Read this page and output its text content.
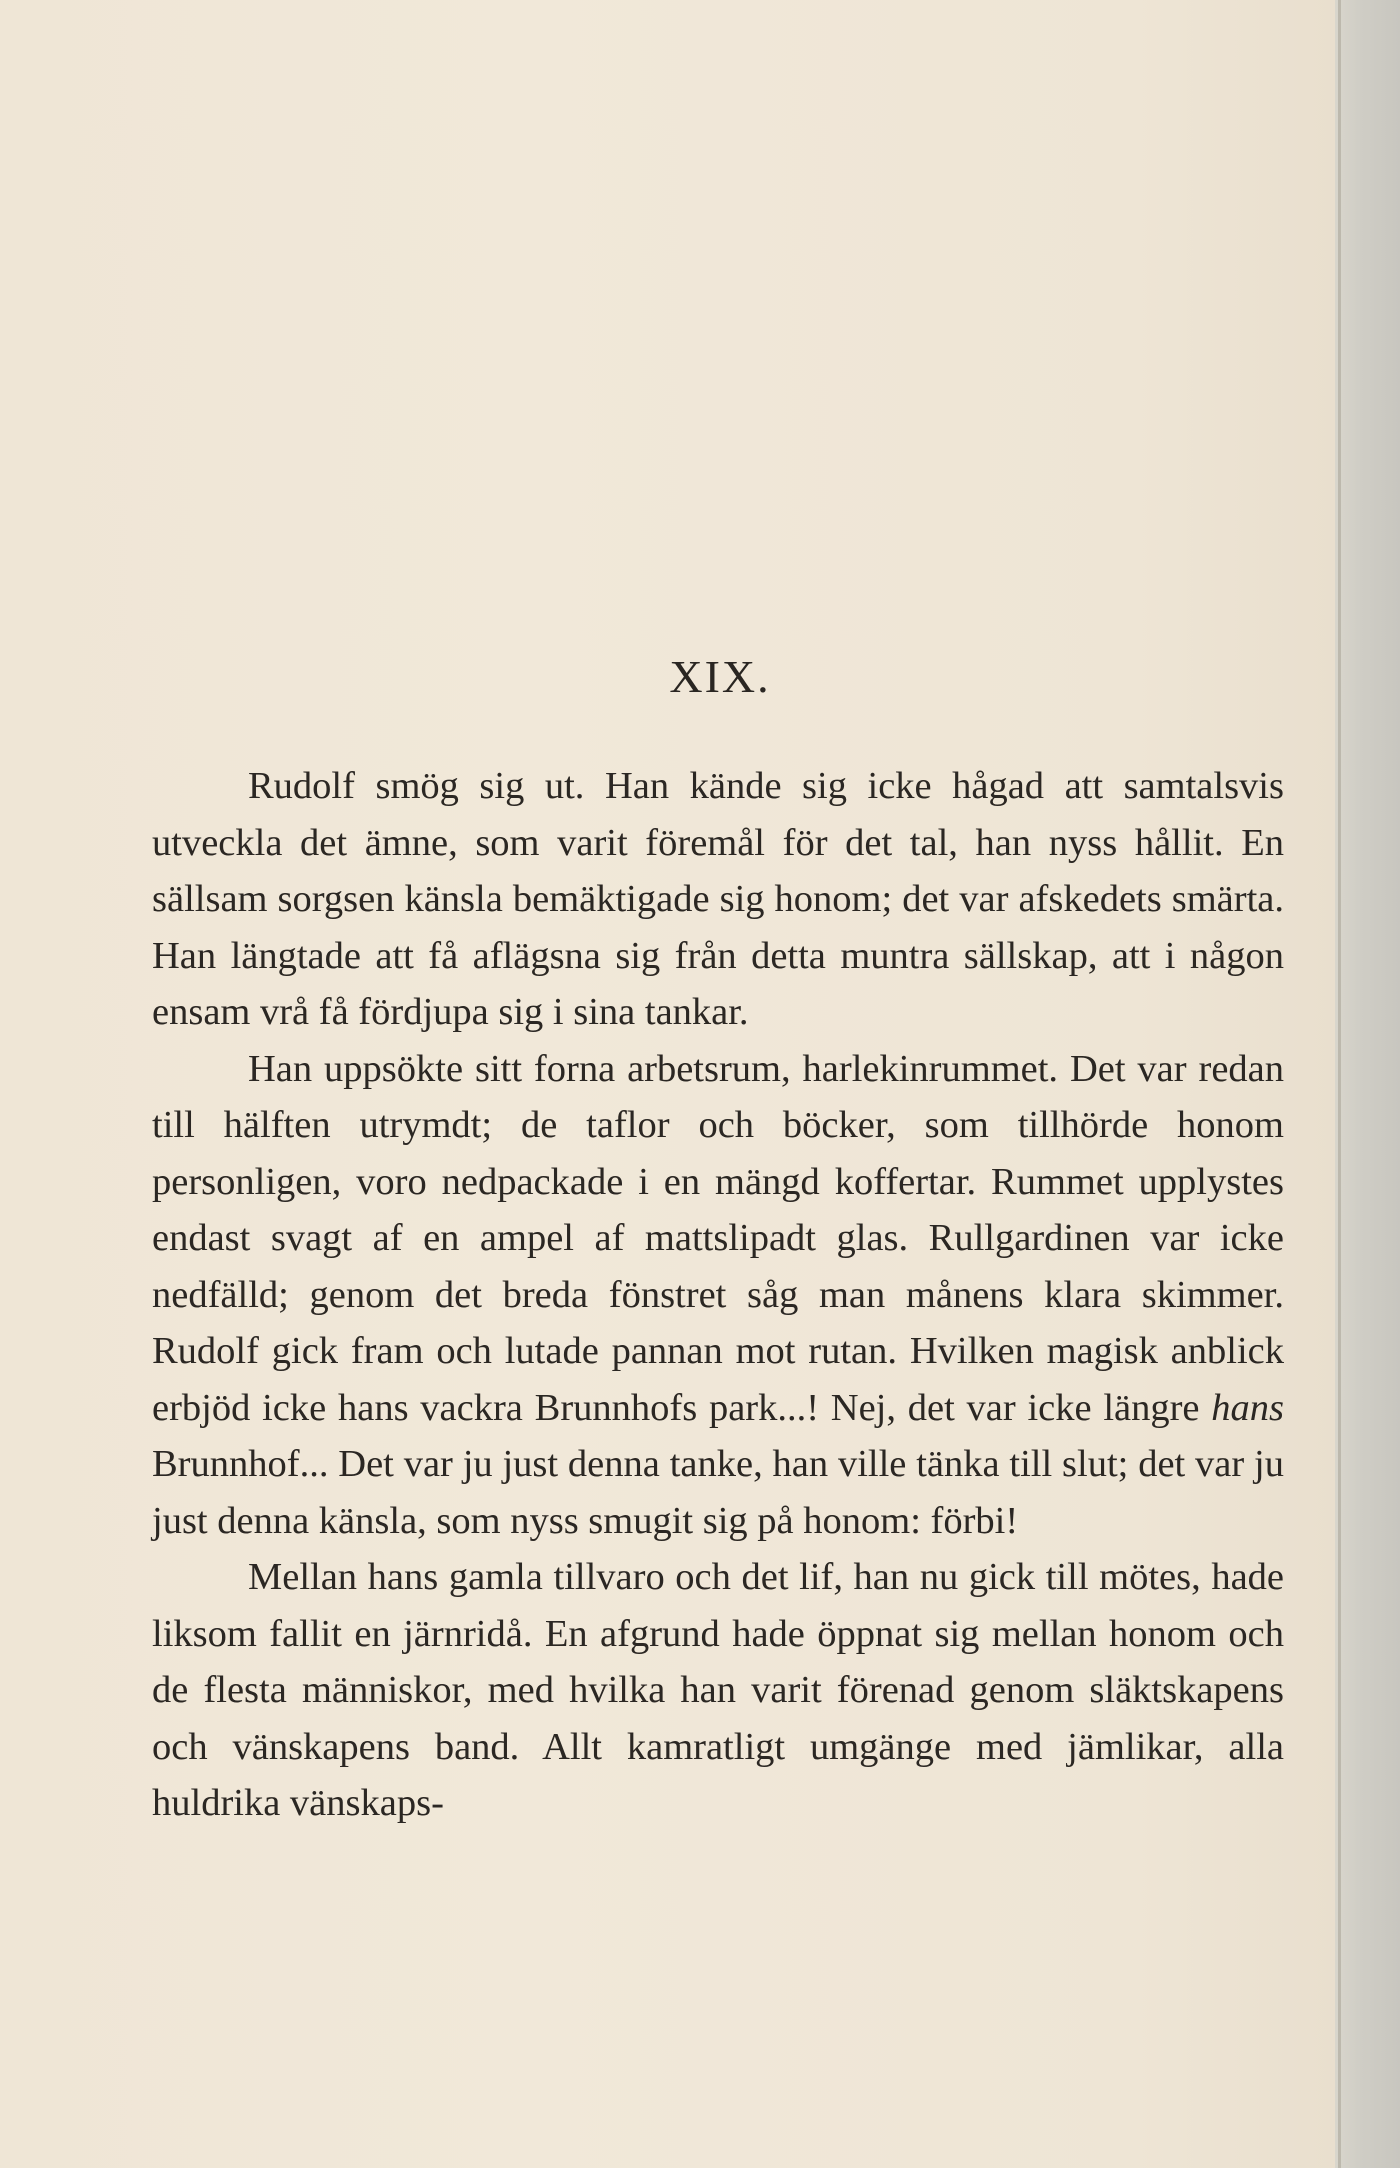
XIX.

Rudolf smög sig ut. Han kände sig icke hågad att samtalsvis utveckla det ämne, som varit föremål för det tal, han nyss hållit. En sällsam sorgsen känsla bemäktigade sig honom; det var afskedets smärta. Han längtade att få aflägsna sig från detta muntra sällskap, att i någon ensam vrå få fördjupa sig i sina tankar.

Han uppsökte sitt forna arbetsrum, harlekinrummet. Det var redan till hälften utrymdt; de taflor och böcker, som tillhörde honom personligen, voro nedpackade i en mängd koffertar. Rummet upplystes endast svagt af en ampel af mattslipadt glas. Rullgardinen var icke nedfälld; genom det breda fönstret såg man månens klara skimmer. Rudolf gick fram och lutade pannan mot rutan. Hvilken magisk anblick erbjöd icke hans vackra Brunnhofs park...! Nej, det var icke längre hans Brunnhof... Det var ju just denna tanke, han ville tänka till slut; det var ju just denna känsla, som nyss smugit sig på honom: förbi!

Mellan hans gamla tillvaro och det lif, han nu gick till mötes, hade liksom fallit en järnridå. En afgrund hade öppnat sig mellan honom och de flesta människor, med hvilka han varit förenad genom släktskapens och vänskapens band. Allt kamratligt umgänge med jämlikar, alla huldrika vänskaps-
